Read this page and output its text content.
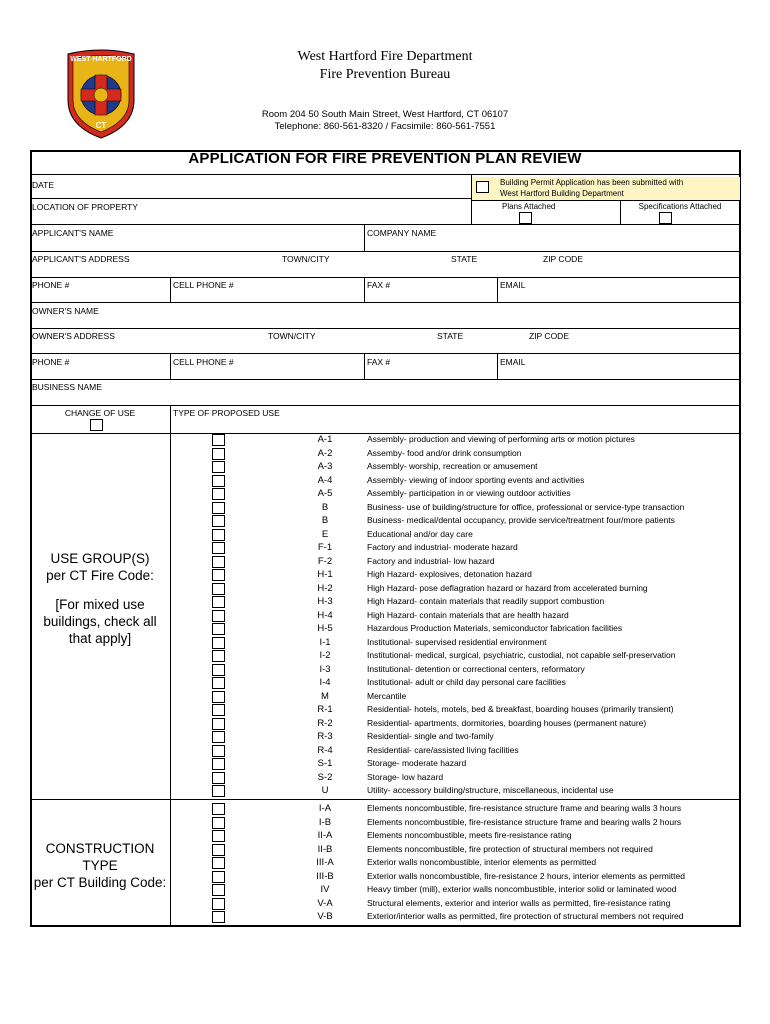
WEST HARTFORD
CT
West Hartford Fire Department
Fire Prevention Bureau
Room 204 50 South Main Street, West Hartford, CT 06107
Telephone: 860-561-8320 / Facsimile: 860-561-7551
APPLICATION FOR FIRE PREVENTION PLAN REVIEW
DATE	Building Permit Application has been submitted with
West Hartford Building Department
LOCATION OF PROPERTY	Plans Attached	Specifications Attached
APPLICANT'S NAME	COMPANY NAME
APPLICANT'S ADDRESS	TOWN/CITY	STATE	ZIP CODE
PHONE #	CELL PHONE #	FAX #	EMAIL
OWNER'S NAME
OWNER'S ADDRESS	TOWN/CITY	STATE	ZIP CODE
PHONE #	CELL PHONE #	FAX #	EMAIL
BUSINESS NAME
CHANGE OF USE	TYPE OF PROPOSED USE
USE GROUP(S)
per CT Fire Code:
[For mixed use
buildings, check all
that apply]
A-1	Assembly- production and viewing of performing arts or motion pictures
A-2	Assemby- food and/or drink consumption
A-3	Assembly- worship, recreation or amusement
A-4	Assembly- viewing of indoor sporting events and activities
A-5	Assembly- participation in or viewing outdoor activities
B	Business- use of building/structure for office, professional or service-type transaction
B	Business- medical/dental occupancy, provide service/treatment four/more patients
E	Educational and/or day care
F-1	Factory and industrial- moderate hazard
F-2	Factory and industrial- low hazard
H-1	High Hazard- explosives, detonation hazard
H-2	High Hazard- pose deflagration hazard or hazard from accelerated burning
H-3	High Hazard- contain materials that readily support combustion
H-4	High Hazard- contain materials that are health hazard
H-5	Hazardous Production Materials, semiconductor fabrication facilities
I-1	Institutional- supervised residential environment
I-2	Institutional- medical, surgical, psychiatric, custodial, not capable self-preservation
I-3	Institutional- detention or correctional centers, reformatory
I-4	Institutional- adult or child day personal care facilities
M	Mercantile
R-1	Residential- hotels, motels, bed & breakfast, boarding houses (primarily transient)
R-2	Residential- apartments, dormitories, boarding houses (permanent nature)
R-3	Residential- single and two-family
R-4	Residential- care/assisted living facilities
S-1	Storage- moderate hazard
S-2	Storage- low hazard
U	Utility- accessory building/structure, miscellaneous, incidental use
CONSTRUCTION
TYPE
per CT Building Code:
I-A	Elements noncombustible, fire-resistance structure frame and bearing walls 3 hours
I-B	Elements noncombustible, fire-resistance structure frame and bearing walls 2 hours
II-A	Elements noncombustible, meets fire-resistance rating
II-B	Elements noncombustible, fire protection of structural members not required
III-A	Exterior walls noncombustible, interior elements as permitted
III-B	Exterior walls noncombustible, fire-resistance 2 hours, interior elements as permitted
IV	Heavy timber (mill), exterior walls noncombustible, interior solid or laminated wood
V-A	Structural elements, exterior and interior walls as permitted, fire-resistance rating
V-B	Exterior/interior walls as permitted, fire protection of structural members not required
